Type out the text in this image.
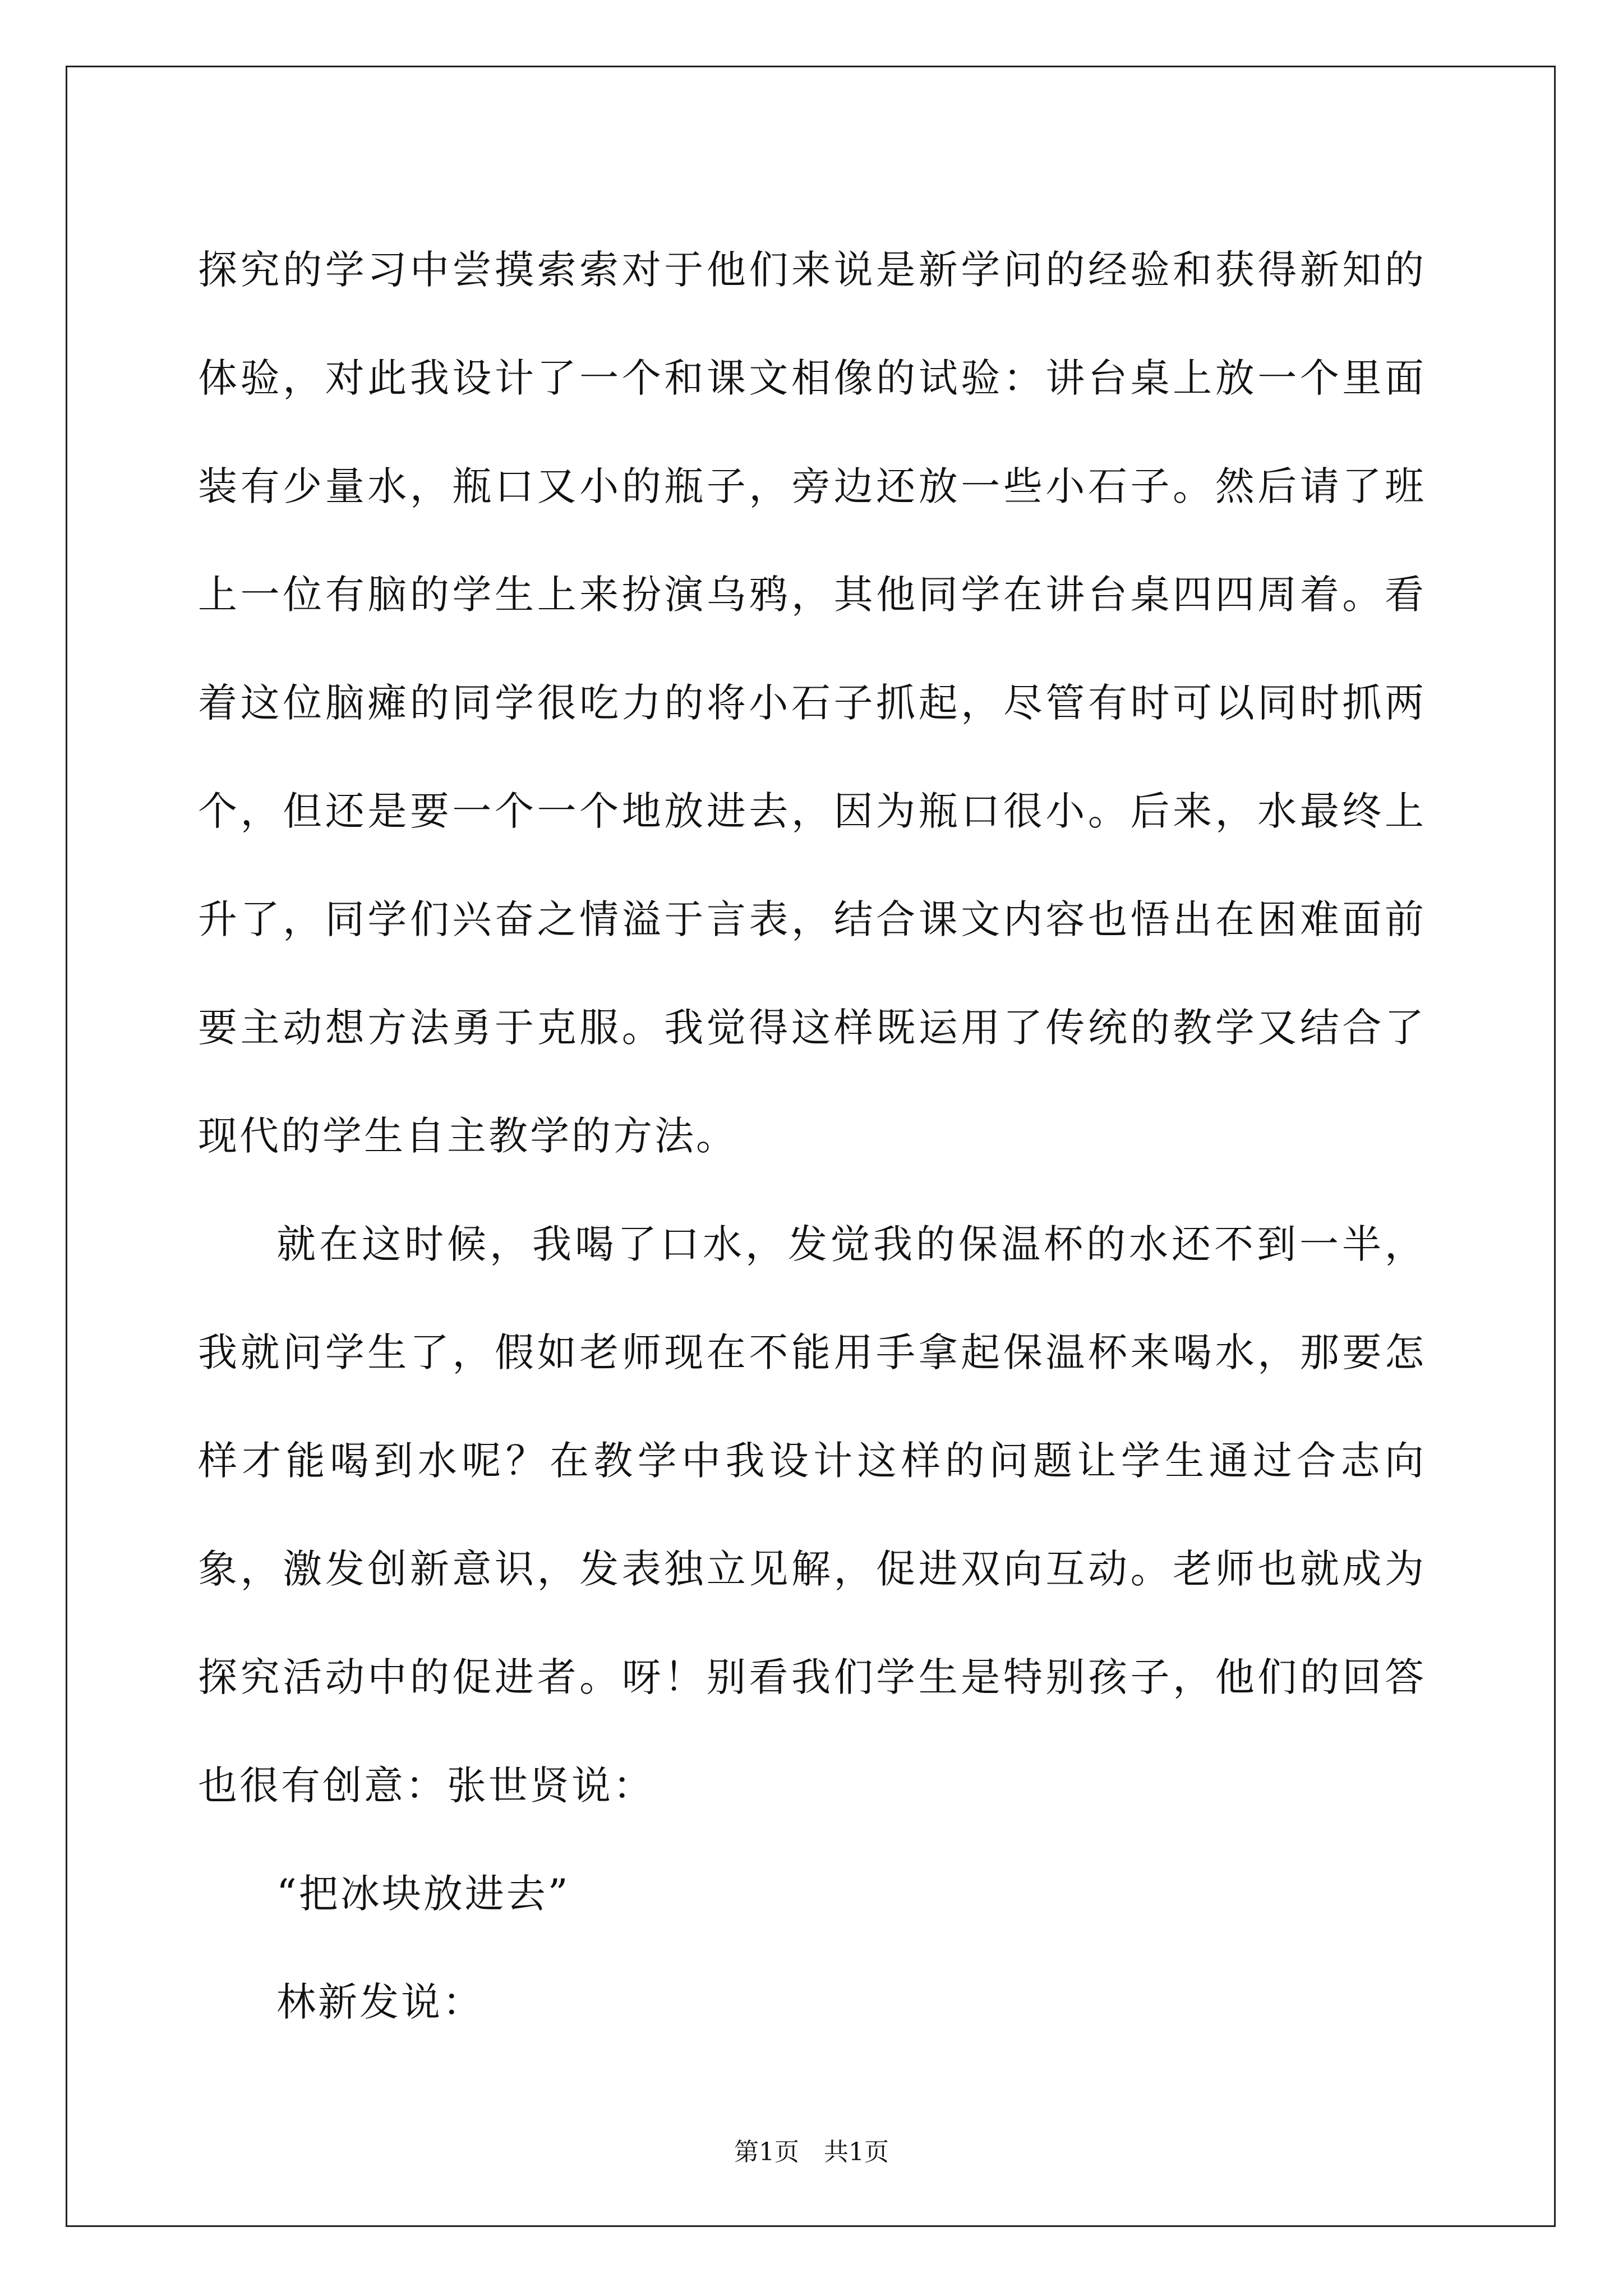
探究的学习中尝摸索索对于他们来说是新学问的经验和获得新知的体验，对此我设计了一个和课文相像的试验：讲台桌上放一个里面装有少量水，瓶口又小的瓶子，旁边还放一些小石子。然后请了班上一位有脑的学生上来扮演乌鸦，其他同学在讲台桌四四周着。看着这位脑瘫的同学很吃力的将小石子抓起，尽管有时可以同时抓两个，但还是要一个一个地放进去，因为瓶口很小。后来，水最终上升了，同学们兴奋之情溢于言表，结合课文内容也悟出在困难面前要主动想方法勇于克服。我觉得这样既运用了传统的教学又结合了现代的学生自主教学的方法。

就在这时候，我喝了口水，发觉我的保温杯的水还不到一半，我就问学生了，假如老师现在不能用手拿起保温杯来喝水，那要怎样才能喝到水呢？在教学中我设计这样的问题让学生通过合志向象，激发创新意识，发表独立见解，促进双向互动。老师也就成为探究活动中的促进者。呀！别看我们学生是特别孩子，他们的回答也很有创意：张世贤说：

“把冰块放进去”

林新发说：

第1页　共1页
